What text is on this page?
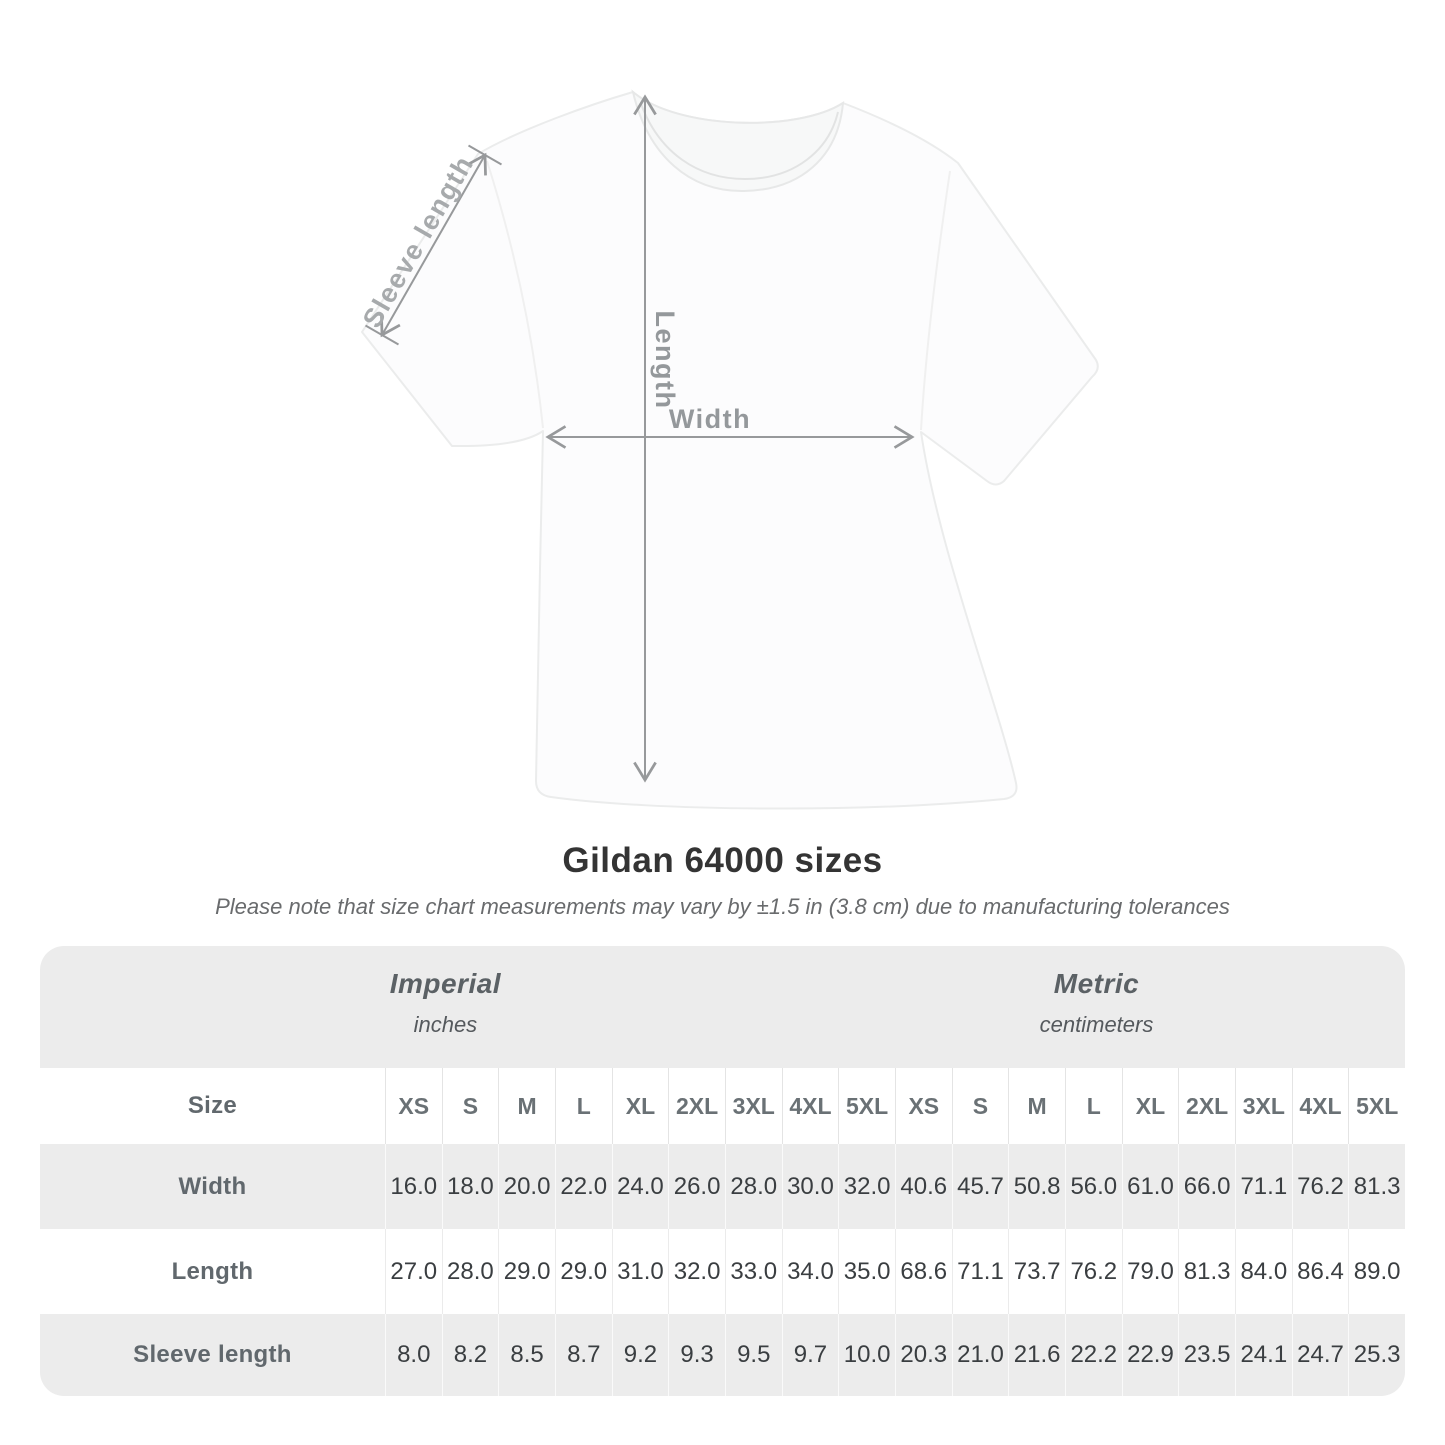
Sleeve length
Length
Width
Gildan 64000 sizes

Please note that size chart measurements may vary by ±1.5 in (3.8 cm) due to manufacturing tolerances

Imperial
inches
Metric
centimeters
Size	XS	S	M	L	XL 2XL 3XL 4XL 5XL XS	S	M	L	XL 2XL 3XL 4XL 5XL
Width	16.0 18.0 20.0 22.0 24.0 26.0 28.0 30.0 32.0 40.6 45.7 50.8 56.0 61.0 66.0 71.1 76.2 81.3
Length	27.0 28.0 29.0 29.0 31.0 32.0 33.0 34.0 35.0 68.6 71.1 73.7 76.2 79.0 81.3 84.0 86.4 89.0
Sleeve length	8.0 8.2 8.5 8.7 9.2 9.3 9.5 9.7 10.0 20.3 21.0 21.6 22.2 22.9 23.5 24.1 24.7 25.3
